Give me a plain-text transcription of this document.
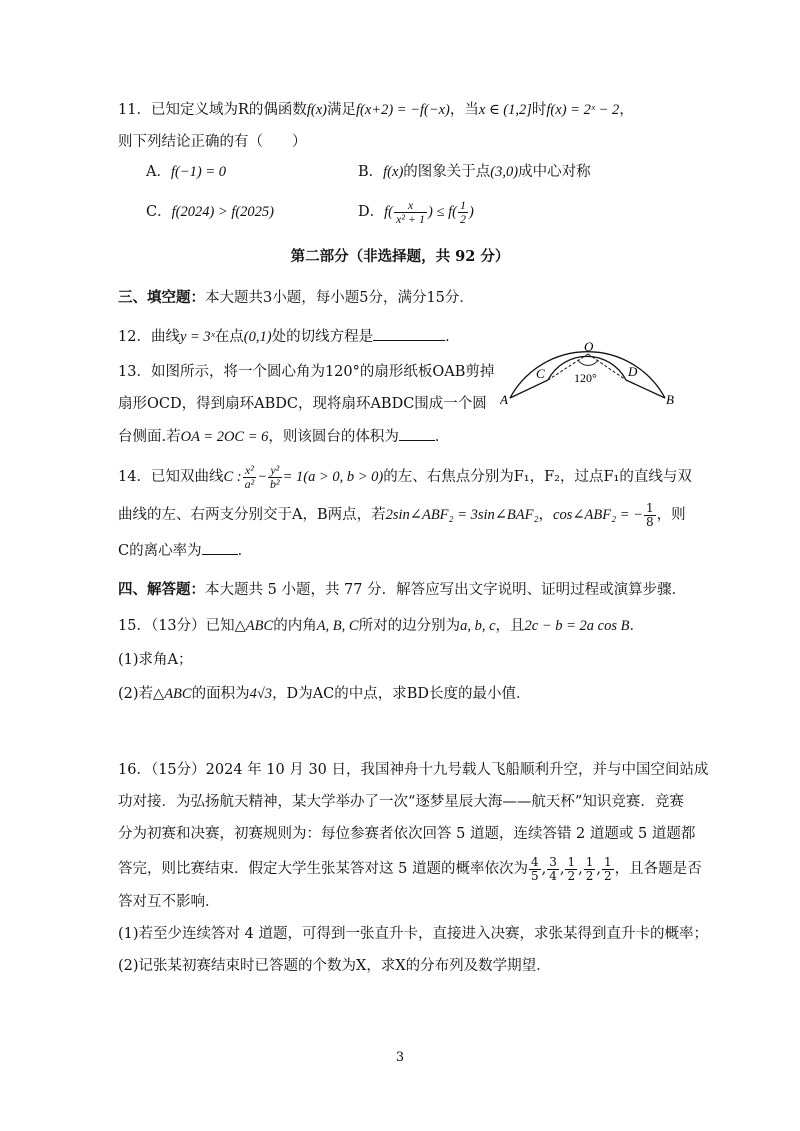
11．已知定义域为R的偶函数f(x)满足f(x+2) = −f(−x)，当x ∈ (1,2]时f(x) = 2ˣ − 2，
则下列结论正确的有（　　）
A．f(−1) = 0	B．f(x)的图象关于点(3,0)成中心对称
C．f(2024) > f(2025)	D．$f( \frac{x}{\text{x² + 1}}$ ) ≤ $f( \frac{1}{2}$ )
第二部分（非选择题，共 92 分）
三、填空题：本大题共3小题，每小题5分，满分15分．
12．曲线y = 3ˣ在点(0,1)处的切线方程是	．
13．如图所示，将一个圆心角为120°的扇形纸板OAB剪掉
扇形OCD，得到扇环ABDC，现将扇环ABDC围成一个圆
台侧面.若OA = 2OC = 6，则该圆台的体积为 ．
O
C	D
A	B
120°
14．已知双曲线C : $\frac{\text{x²}}{\text{a²}} - \frac{\text{y²}}{\text{b²}} = 1(a > 0$, b > 0)的左、右焦点分别为F₁，F₂，过点F₁的直线与双
曲线的左、右两支分别交于A，B两点，若2sin∠ABF₂ = 3sin∠BAF₂，cos∠ABF₂ = − $\frac{1}{8}$ ，则
C的离心率为 ．
四、解答题：本大题共 5 小题，共 77 分．解答应写出文字说明、证明过程或演算步骤．
15．（13分）已知△ABC的内角A, B, C所对的边分别为a, b, c，且2c − b = 2a cos B．
(1)求角A；
(2)若△ABC的面积为4√3，D为AC的中点，求BD长度的最小值．
16．（15分）2024 年 10 月 30 日，我国神舟十九号载人飞船顺利升空，并与中国空间站成
功对接．为弘扬航天精神，某大学举办了一次“逐梦星辰大海——航天杯”知识竞赛．竞赛
分为初赛和决赛，初赛规则为：每位参赛者依次回答 5 道题，连续答错 2 道题或 5 道题都
答完，则比赛结束．假定大学生张某答对这 5 道题的概率依次为 $\frac{4}{5}$ , $\frac{3}{4}$ , $\frac{1}{2}$ , $\frac{1}{2}$ , $\frac{1}{2}$ ，且各题是否
答对互不影响．
(1)若至少连续答对 4 道题，可得到一张直升卡，直接进入决赛，求张某得到直升卡的概率；
(2)记张某初赛结束时已答题的个数为X，求X的分布列及数学期望．
3
